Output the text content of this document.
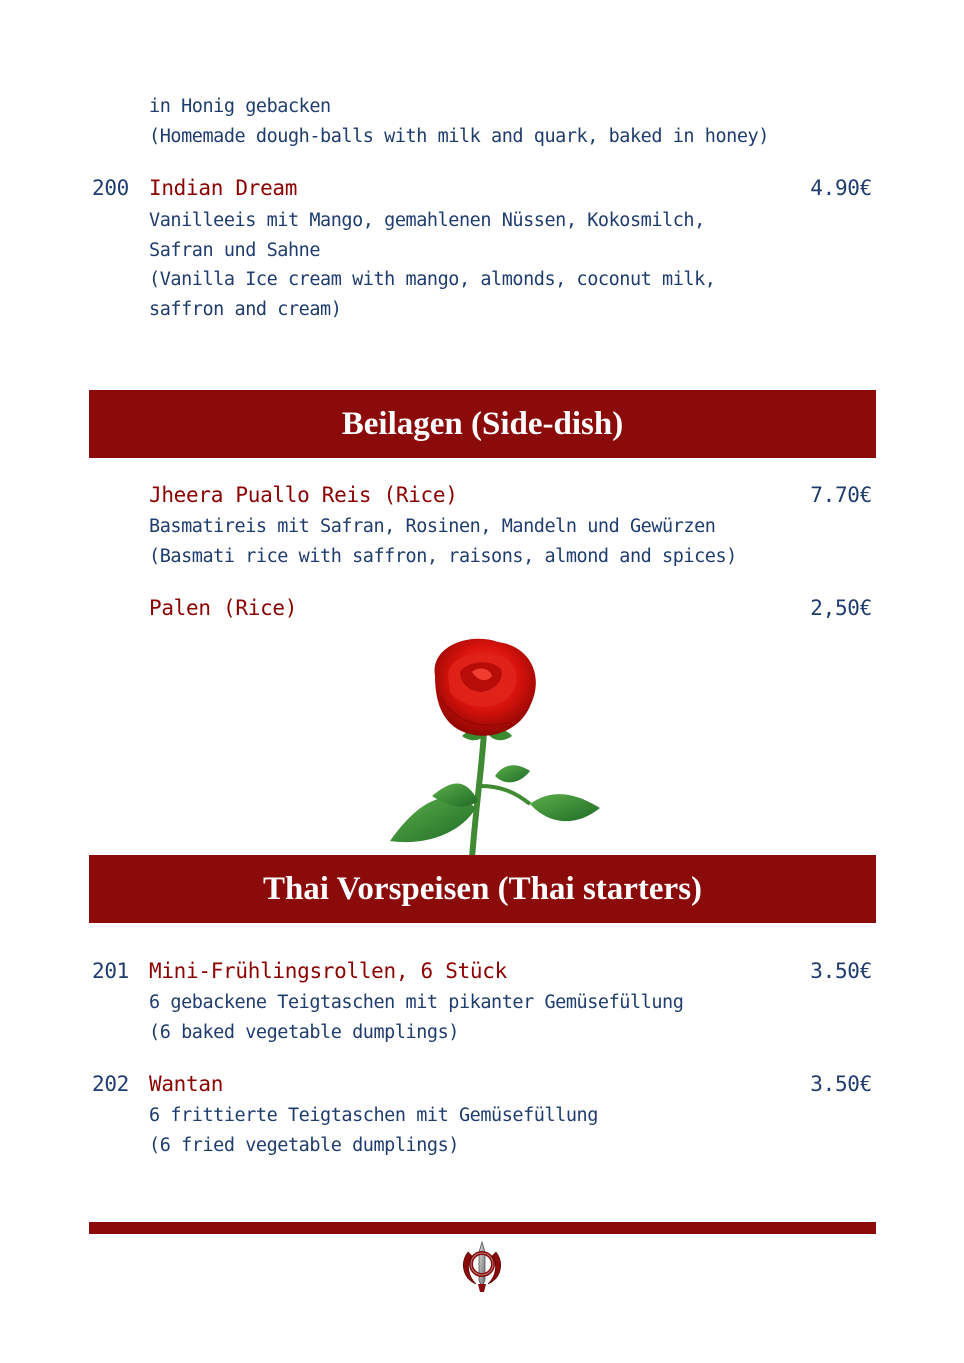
in Honig gebacken
(Homemade dough-balls with milk and quark, baked in honey)
200 Indian Dream	4.90€
Vanilleeis mit Mango, gemahlenen Nüssen, Kokosmilch,
Safran und Sahne
(Vanilla Ice cream with mango, almonds, coconut milk,
saffron and cream)
Beilagen (Side-dish)
Jheera Puallo Reis (Rice)	7.70€
Basmatireis mit Safran, Rosinen, Mandeln und Gewürzen
(Basmati rice with saffron, raisons, almond and spices)
Palen (Rice)	2,50€
Thai Vorspeisen (Thai starters)
201 Mini-Frühlingsrollen, 6 Stück	3.50€
6 gebackene Teigtaschen mit pikanter Gemüsefüllung
(6 baked vegetable dumplings)
202 Wantan	3.50€
6 frittierte Teigtaschen mit Gemüsefüllung
(6 fried vegetable dumplings)
